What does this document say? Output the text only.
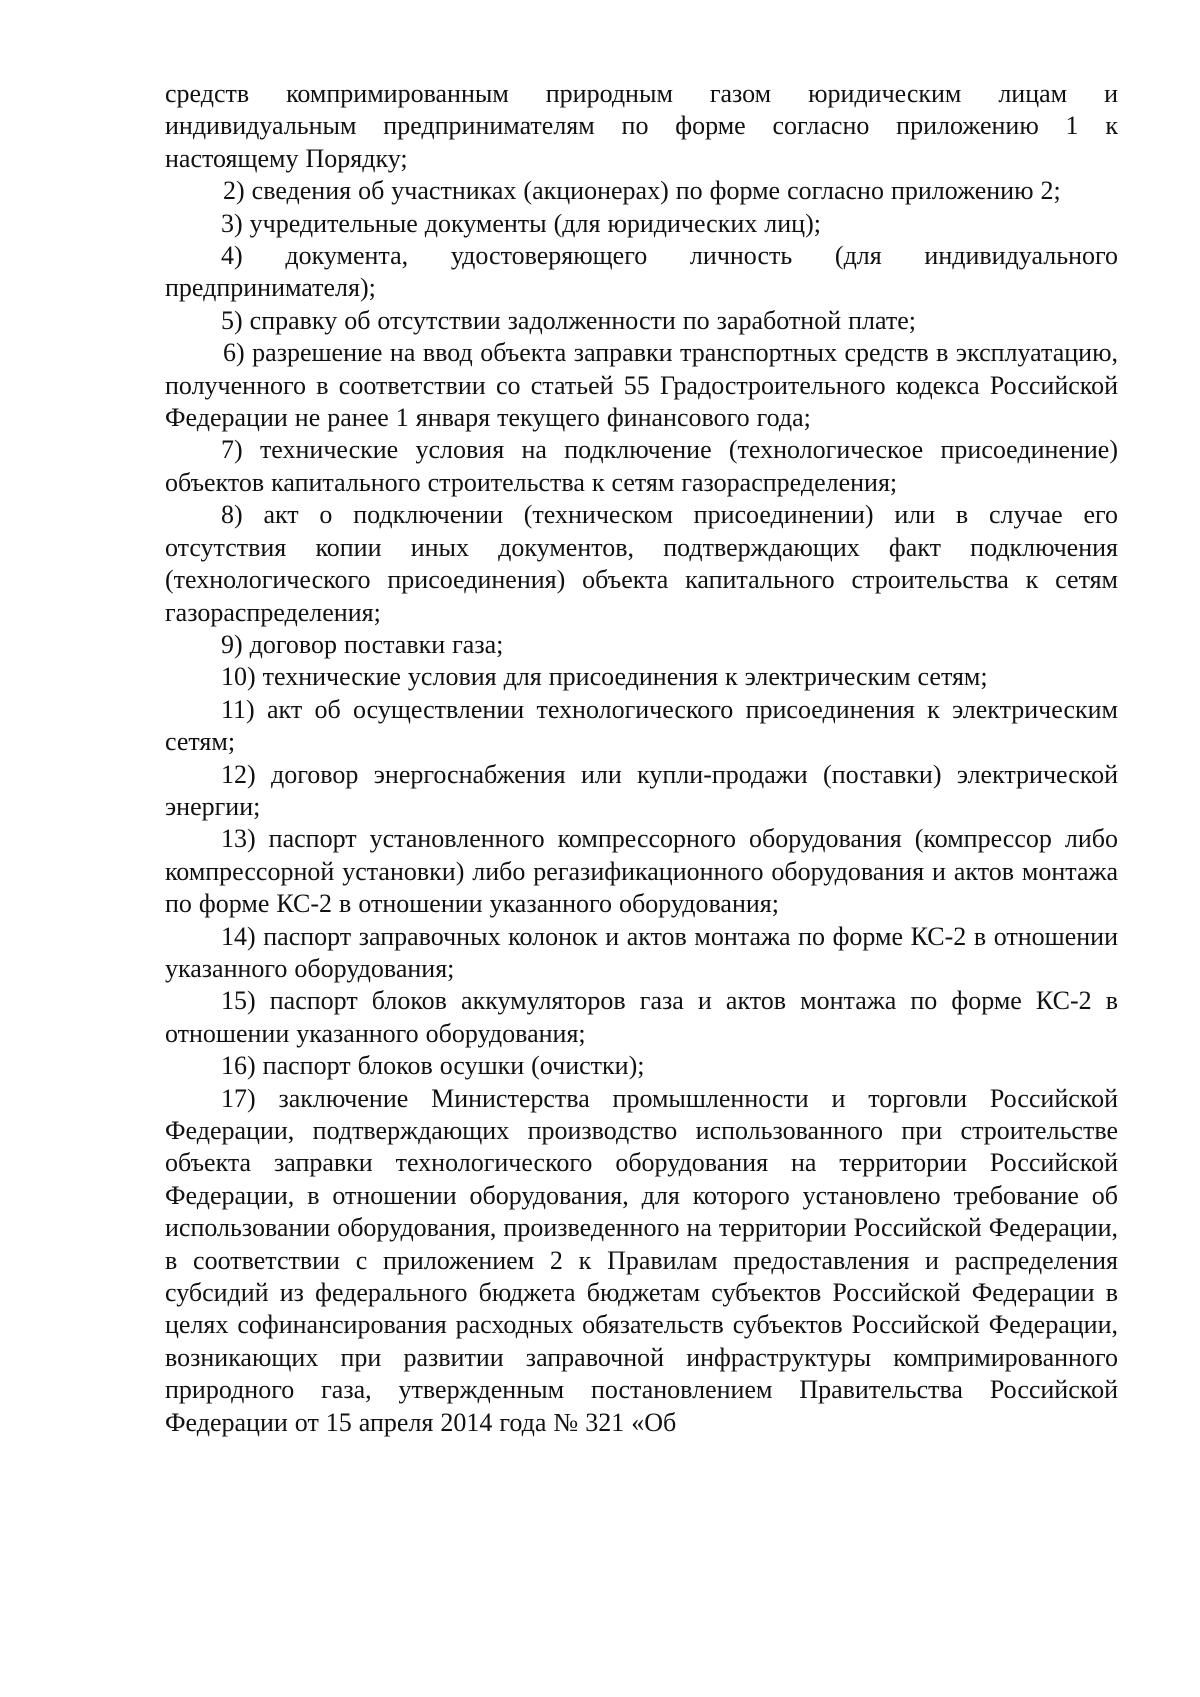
средств компримированным природным газом юридическим лицам и индивидуальным предпринимателям по форме согласно приложению 1 к настоящему Порядку;

2) сведения об участниках (акционерах) по форме согласно приложению 2;

3) учредительные документы (для юридических лиц);

4) документа, удостоверяющего личность (для индивидуального предпринимателя);

5) справку об отсутствии задолженности по заработной плате;

6) разрешение на ввод объекта заправки транспортных средств в эксплуатацию, полученного в соответствии со статьей 55 Градостроительного кодекса Российской Федерации не ранее 1 января текущего финансового года;

7) технические условия на подключение (технологическое присоединение) объектов капитального строительства к сетям газораспределения;

8) акт о подключении (техническом присоединении) или в случае его отсутствия копии иных документов, подтверждающих факт подключения (технологического присоединения) объекта капитального строительства к сетям газораспределения;

9) договор поставки газа;

10) технические условия для присоединения к электрическим сетям;

11) акт об осуществлении технологического присоединения к электрическим сетям;

12) договор энергоснабжения или купли-продажи (поставки) электрической энергии;

13) паспорт установленного компрессорного оборудования (компрессор либо компрессорной установки) либо регазификационного оборудования и актов монтажа по форме КС-2 в отношении указанного оборудования;

14) паспорт заправочных колонок и актов монтажа по форме КС-2 в отношении указанного оборудования;

15) паспорт блоков аккумуляторов газа и актов монтажа по форме КС-2 в отношении указанного оборудования;

16) паспорт блоков осушки (очистки);

17) заключение Министерства промышленности и торговли Российской Федерации, подтверждающих производство использованного при строительстве объекта заправки технологического оборудования на территории Российской Федерации, в отношении оборудования, для которого установлено требование об использовании оборудования, произведенного на территории Российской Федерации, в соответствии с приложением 2 к Правилам предоставления и распределения субсидий из федерального бюджета бюджетам субъектов Российской Федерации в целях софинансирования расходных обязательств субъектов Российской Федерации, возникающих при развитии заправочной инфраструктуры компримированного природного газа, утвержденным постановлением Правительства Российской Федерации от 15 апреля 2014 года № 321 «Об
